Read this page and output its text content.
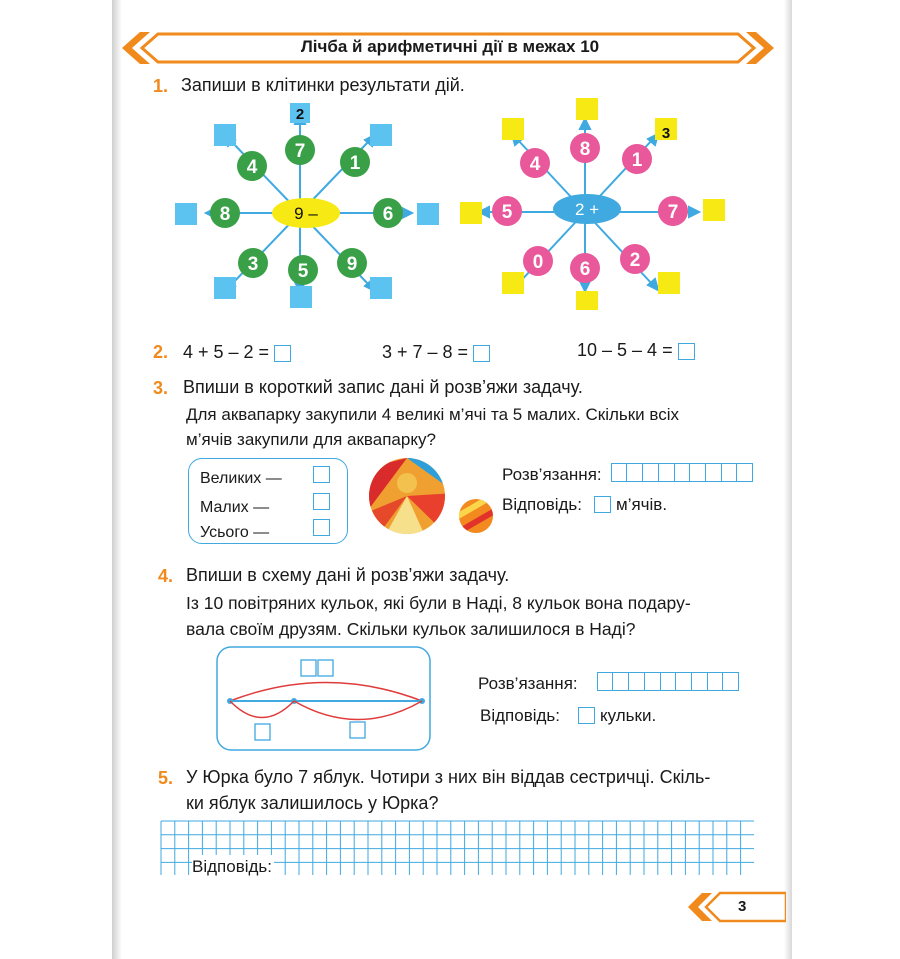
Лічба й арифметичні дії в межах 10
1. Запиши в клітинки результати дій.
2
7
1
6
9
5
3
8
4
9 –
3
8
1
7
2
6
0
5
4
2 +
2. 4 + 5 – 2 =	3 + 7 – 8 =	10 – 5 – 4 =
3. Впиши в короткий запис дані й розв’яжи задачу.
Для аквапарку закупили 4 великі м’ячі та 5 малих. Скільки всіх
м’ячів закупили для аквапарку?
Великих —
Малих —
Усього —
Розв’язання:
Відповідь: м’ячів.
4. Впиши в схему дані й розв’яжи задачу.
Із 10 повітряних кульок, які були в Наді, 8 кульок вона подару-
вала своїм друзям. Скільки кульок залишилося в Наді?
Розв’язання:
Відповідь: кульки.
5. У Юрка було 7 яблук. Чотири з них він віддав сестричці. Скіль-
ки яблук залишилось у Юрка?
Відповідь:
3
